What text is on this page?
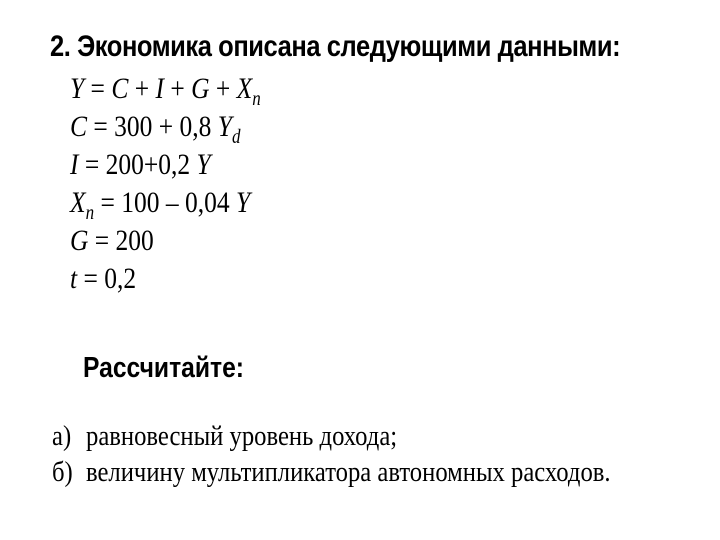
2. Экономика описана следующими данными:
$Y = C + I + G + X_n$
C = 300 + 0,8 $Y_d$
I = 200+0,2 Y
$X_n = 100 - 0,04$ Y
G = 200
t = 0,2
Рассчитайте:
а) равновесный уровень дохода;
б) величину мультипликатора автономных расходов.
